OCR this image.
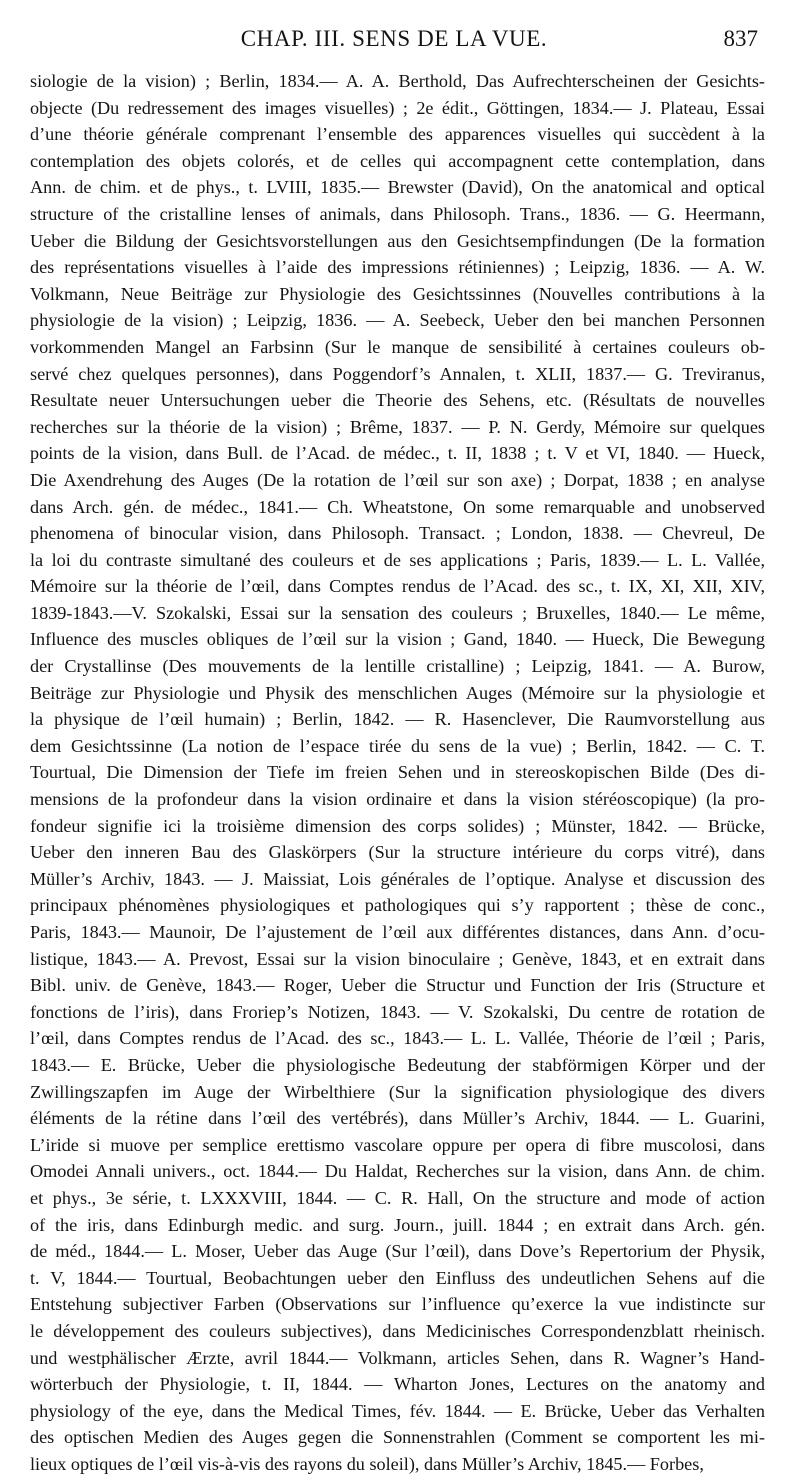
CHAP. III. SENS DE LA VUE.	837
siologie de la vision) ; Berlin, 1834.— A. A. Berthold, Das Aufrechterscheinen der Gesichts-
objecte (Du redressement des images visuelles) ; 2e édit., Göttingen, 1834.— J. Plateau, Essai
d’une théorie générale comprenant l’ensemble des apparences visuelles qui succèdent à la
contemplation des objets colorés, et de celles qui accompagnent cette contemplation, dans
Ann. de chim. et de phys., t. LVIII, 1835.— Brewster (David), On the anatomical and optical
structure of the cristalline lenses of animals, dans Philosoph. Trans., 1836. — G. Heermann,
Ueber die Bildung der Gesichtsvorstellungen aus den Gesichtsempfindungen (De la formation
des représentations visuelles à l’aide des impressions rétiniennes) ; Leipzig, 1836. — A. W.
Volkmann, Neue Beiträge zur Physiologie des Gesichtssinnes (Nouvelles contributions à la
physiologie de la vision) ; Leipzig, 1836. — A. Seebeck, Ueber den bei manchen Personnen
vorkommenden Mangel an Farbsinn (Sur le manque de sensibilité à certaines couleurs ob-
servé chez quelques personnes), dans Poggendorf’s Annalen, t. XLII, 1837.— G. Treviranus,
Resultate neuer Untersuchungen ueber die Theorie des Sehens, etc. (Résultats de nouvelles
recherches sur la théorie de la vision) ; Brême, 1837. — P. N. Gerdy, Mémoire sur quelques
points de la vision, dans Bull. de l’Acad. de médec., t. II, 1838 ; t. V et VI, 1840. — Hueck,
Die Axendrehung des Auges (De la rotation de l’œil sur son axe) ; Dorpat, 1838 ; en analyse
dans Arch. gén. de médec., 1841.— Ch. Wheatstone, On some remarquable and unobserved
phenomena of binocular vision, dans Philosoph. Transact. ; London, 1838. — Chevreul, De
la loi du contraste simultané des couleurs et de ses applications ; Paris, 1839.— L. L. Vallée,
Mémoire sur la théorie de l’œil, dans Comptes rendus de l’Acad. des sc., t. IX, XI, XII, XIV,
1839-1843.—V. Szokalski, Essai sur la sensation des couleurs ; Bruxelles, 1840.— Le même,
Influence des muscles obliques de l’œil sur la vision ; Gand, 1840. — Hueck, Die Bewegung
der Crystallinse (Des mouvements de la lentille cristalline) ; Leipzig, 1841. — A. Burow,
Beiträge zur Physiologie und Physik des menschlichen Auges (Mémoire sur la physiologie et
la physique de l’œil humain) ; Berlin, 1842. — R. Hasenclever, Die Raumvorstellung aus
dem Gesichtssinne (La notion de l’espace tirée du sens de la vue) ; Berlin, 1842. — C. T.
Tourtual, Die Dimension der Tiefe im freien Sehen und in stereoskopischen Bilde (Des di-
mensions de la profondeur dans la vision ordinaire et dans la vision stéréoscopique) (la pro-
fondeur signifie ici la troisième dimension des corps solides) ; Münster, 1842. — Brücke,
Ueber den inneren Bau des Glaskörpers (Sur la structure intérieure du corps vitré), dans
Müller’s Archiv, 1843. — J. Maissiat, Lois générales de l’optique. Analyse et discussion des
principaux phénomènes physiologiques et pathologiques qui s’y rapportent ; thèse de conc.,
Paris, 1843.— Maunoir, De l’ajustement de l’œil aux différentes distances, dans Ann. d’ocu-
listique, 1843.— A. Prevost, Essai sur la vision binoculaire ; Genève, 1843, et en extrait dans
Bibl. univ. de Genève, 1843.— Roger, Ueber die Structur und Function der Iris (Structure et
fonctions de l’iris), dans Froriep’s Notizen, 1843. — V. Szokalski, Du centre de rotation de
l’œil, dans Comptes rendus de l’Acad. des sc., 1843.— L. L. Vallée, Théorie de l’œil ; Paris,
1843.— E. Brücke, Ueber die physiologische Bedeutung der stabförmigen Körper und der
Zwillingszapfen im Auge der Wirbelthiere (Sur la signification physiologique des divers
éléments de la rétine dans l’œil des vertébrés), dans Müller’s Archiv, 1844. — L. Guarini,
L’iride si muove per semplice erettismo vascolare oppure per opera di fibre muscolosi, dans
Omodei Annali univers., oct. 1844.— Du Haldat, Recherches sur la vision, dans Ann. de chim.
et phys., 3e série, t. LXXXVIII, 1844. — C. R. Hall, On the structure and mode of action
of the iris, dans Edinburgh medic. and surg. Journ., juill. 1844 ; en extrait dans Arch. gén.
de méd., 1844.— L. Moser, Ueber das Auge (Sur l’œil), dans Dove’s Repertorium der Physik,
t. V, 1844.— Tourtual, Beobachtungen ueber den Einfluss des undeutlichen Sehens auf die
Entstehung subjectiver Farben (Observations sur l’influence qu’exerce la vue indistincte sur
le développement des couleurs subjectives), dans Medicinisches Correspondenzblatt rheinisch.
und westphälischer Ærzte, avril 1844.— Volkmann, articles Sehen, dans R. Wagner’s Hand-
wörterbuch der Physiologie, t. II, 1844. — Wharton Jones, Lectures on the anatomy and
physiology of the eye, dans the Medical Times, fév. 1844. — E. Brücke, Ueber das Verhalten
des optischen Medien des Auges gegen die Sonnenstrahlen (Comment se comportent les mi-
lieux optiques de l’œil vis-à-vis des rayons du soleil), dans Müller’s Archiv, 1845.— Forbes,
